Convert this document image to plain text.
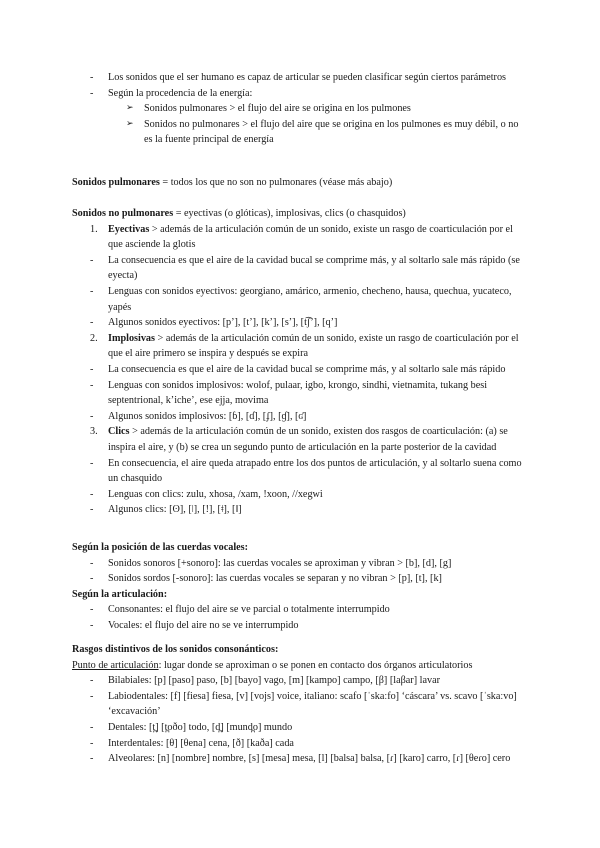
- Los sonidos que el ser humano es capaz de articular se pueden clasificar según ciertos parámetros
- Según la procedencia de la energía:
➢ Sonidos pulmonares > el flujo del aire se origina en los pulmones
➢ Sonidos no pulmonares > el flujo del aire que se origina en los pulmones es muy débil, o no es la fuente principal de energía

Sonidos pulmonares = todos los que no son no pulmonares (véase más abajo)

Sonidos no pulmonares = eyectivas (o glóticas), implosivas, clics (o chasquidos)

1. Eyectivas > además de la articulación común de un sonido, existe un rasgo de coarticulación por el que asciende la glotis
- La consecuencia es que el aire de la cavidad bucal se comprime más, y al soltarlo sale más rápido (se eyecta)
- Lenguas con sonidos eyectivos: georgiano, amárico, armenio, checheno, hausa, quechua, yucateco, yapés
- Algunos sonidos eyectivos: [p’], [t’], [k’], [s’], [t͡ʃ’], [q’]
2. Implosivas > además de la articulación común de un sonido, existe un rasgo de coarticulación por el que el aire primero se inspira y después se expira
- La consecuencia es que el aire de la cavidad bucal se comprime más, y al soltarlo sale más rápido
- Lenguas con sonidos implosivos: wolof, pulaar, igbo, krongo, sindhi, vietnamita, tukang besi septentrional, k’iche’, ese ejja, movima
- Algunos sonidos implosivos: [ɓ], [ɗ], [ʄ], [ɠ], [ʛ]
3. Clics > además de la articulación común de un sonido, existen dos rasgos de coarticulación: (a) se inspira el aire, y (b) se crea un segundo punto de articulación en la parte posterior de la cavidad
- En consecuencia, el aire queda atrapado entre los dos puntos de articulación, y al soltarlo suena como un chasquido
- Lenguas con clics: zulu, xhosa, /xam, !xoon, //xegwi
- Algunos clics: [ʘ], [ǀ], [ǃ], [ǂ], [ǁ]

Según la posición de las cuerdas vocales:

- Sonidos sonoros [+sonoro]: las cuerdas vocales se aproximan y vibran > [b], [d], [g]
- Sonidos sordos [-sonoro]: las cuerdas vocales se separan y no vibran > [p], [t], [k]

Según la articulación:

- Consonantes: el flujo del aire se ve parcial o totalmente interrumpido
- Vocales: el flujo del aire no se ve interrumpido

Rasgos distintivos de los sonidos consonánticos:

Punto de articulación: lugar donde se aproximan o se ponen en contacto dos órganos articulatorios

- Bilabiales: [p] [paso] paso, [b] [bayo] vago, [m] [kampo] campo, [β] [laβar] lavar
- Labiodentales: [f] [fiesa] fiesa, [v] [vojs] voice, italiano: scafo [ˈskaːfo] ‘cáscara’ vs. scavo [ˈskaːvo] ‘excavación’
- Dentales: [t̪] [t̪oðo] todo, [d̪] [mund̪o] mundo
- Interdentales: [θ] [θena] cena, [ð] [kaða] cada
- Alveolares: [n] [nombre] nombre, [s] [mesa] mesa, [l] [balsa] balsa, [ɾ] [karo] carro, [ɾ] [θeɾo] cero
